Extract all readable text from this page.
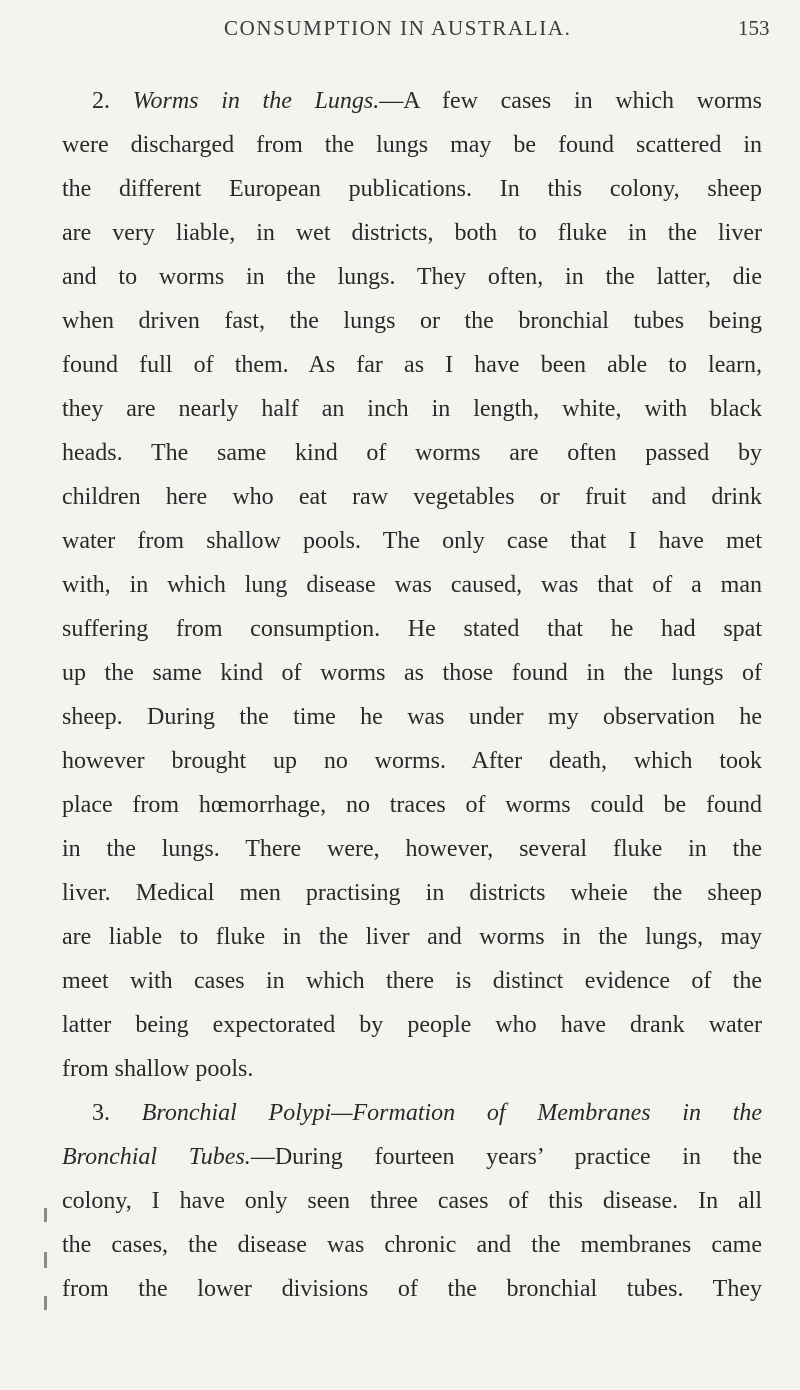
CONSUMPTION IN AUSTRALIA.	153
2. Worms in the Lungs.—A few cases in which worms
were discharged from the lungs may be found scattered in
the different European publications. In this colony, sheep
are very liable, in wet districts, both to fluke in the liver
and to worms in the lungs. They often, in the latter, die
when driven fast, the lungs or the bronchial tubes being
found full of them. As far as I have been able to learn,
they are nearly half an inch in length, white, with black
heads. The same kind of worms are often passed by
children here who eat raw vegetables or fruit and drink
water from shallow pools. The only case that I have met
with, in which lung disease was caused, was that of a man
suffering from consumption. He stated that he had spat
up the same kind of worms as those found in the lungs of
sheep. During the time he was under my observation he
however brought up no worms. After death, which took
place from hœmorrhage, no traces of worms could be found
in the lungs. There were, however, several fluke in the
liver. Medical men practising in districts wheie the sheep
are liable to fluke in the liver and worms in the lungs, may
meet with cases in which there is distinct evidence of the
latter being expectorated by people who have drank water
from shallow pools.
3. Bronchial Polypi—Formation of Membranes in the
Bronchial Tubes.—During fourteen years’ practice in the
colony, I have only seen three cases of this disease. In all
the cases, the disease was chronic and the membranes came
from the lower divisions of the bronchial tubes. They
